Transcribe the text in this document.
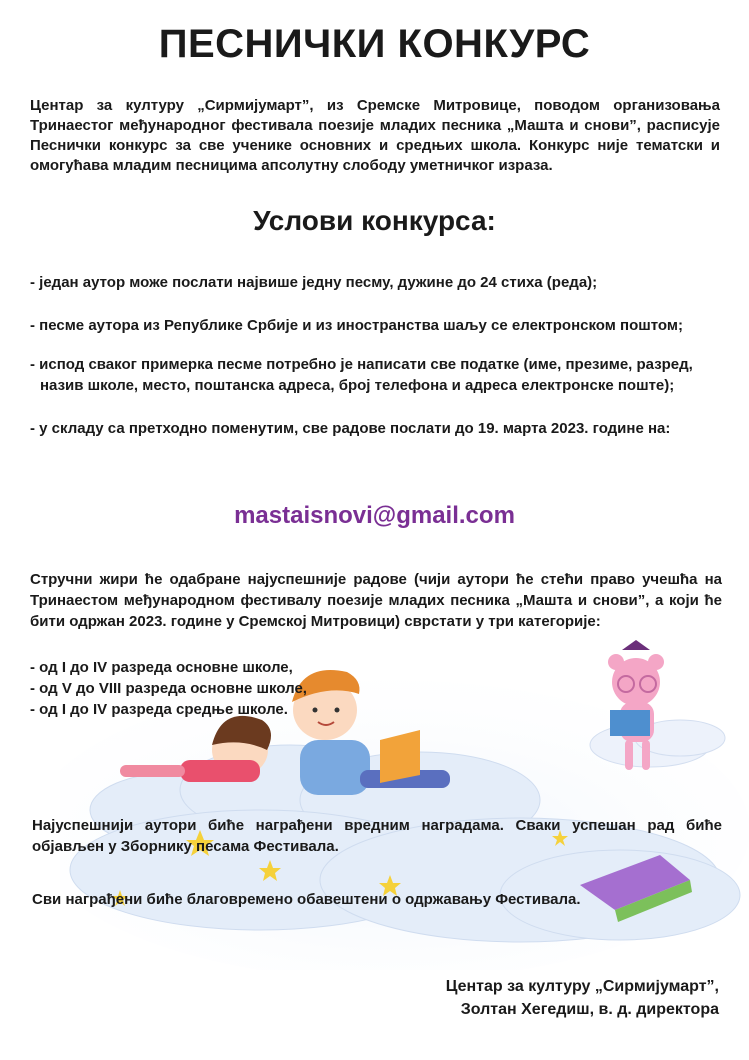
ПЕСНИЧКИ КОНКУРС

Центар за културу „Сирмијумарт”, из Сремске Митровице, поводом организовања Тринаестог међународног фестивала поезије младих песника „Машта и снови”, расписује Песнички конкурс за све ученике основних и средњих школа. Конкурс није тематски и омогућава младим песницима апсолутну слободу уметничког израза.

Услови конкурса:

- један аутор може послати највише једну песму, дужине до 24 стиха (реда);

- песме аутора из Републике Србије и из иностранства шаљу се електронском поштом;

- испод сваког примерка песме потребно је написати све податке (име, презиме, разред, назив школе, место, поштанска адреса, број телефона и адреса електронске поште);

- у складу са претходно поменутим, све радове послати до 19. марта 2023. године на:

mastaisnovi@gmail.com

Стручни жири ће одабране најуспешније радове (чији аутори ће стећи право учешћа на Тринаестом међународном фестивалу поезије младих песника „Машта и снови”, а који ће бити одржан 2023. године у Сремској Митровици) сврстати у три категорије:

- од I до IV разреда основне школе,
- од V до VIII разреда основне школе,
- од I до IV разреда средње школе.

Најуспешнији аутори биће награђени вредним наградама. Сваки успешан рад биће објављен у Зборнику песама Фестивала.

Сви награђени биће благовремено обавештени о одржавању Фестивала.

Центар за културу „Сирмијумарт”,
Золтан Хегедиш, в. д. директора
